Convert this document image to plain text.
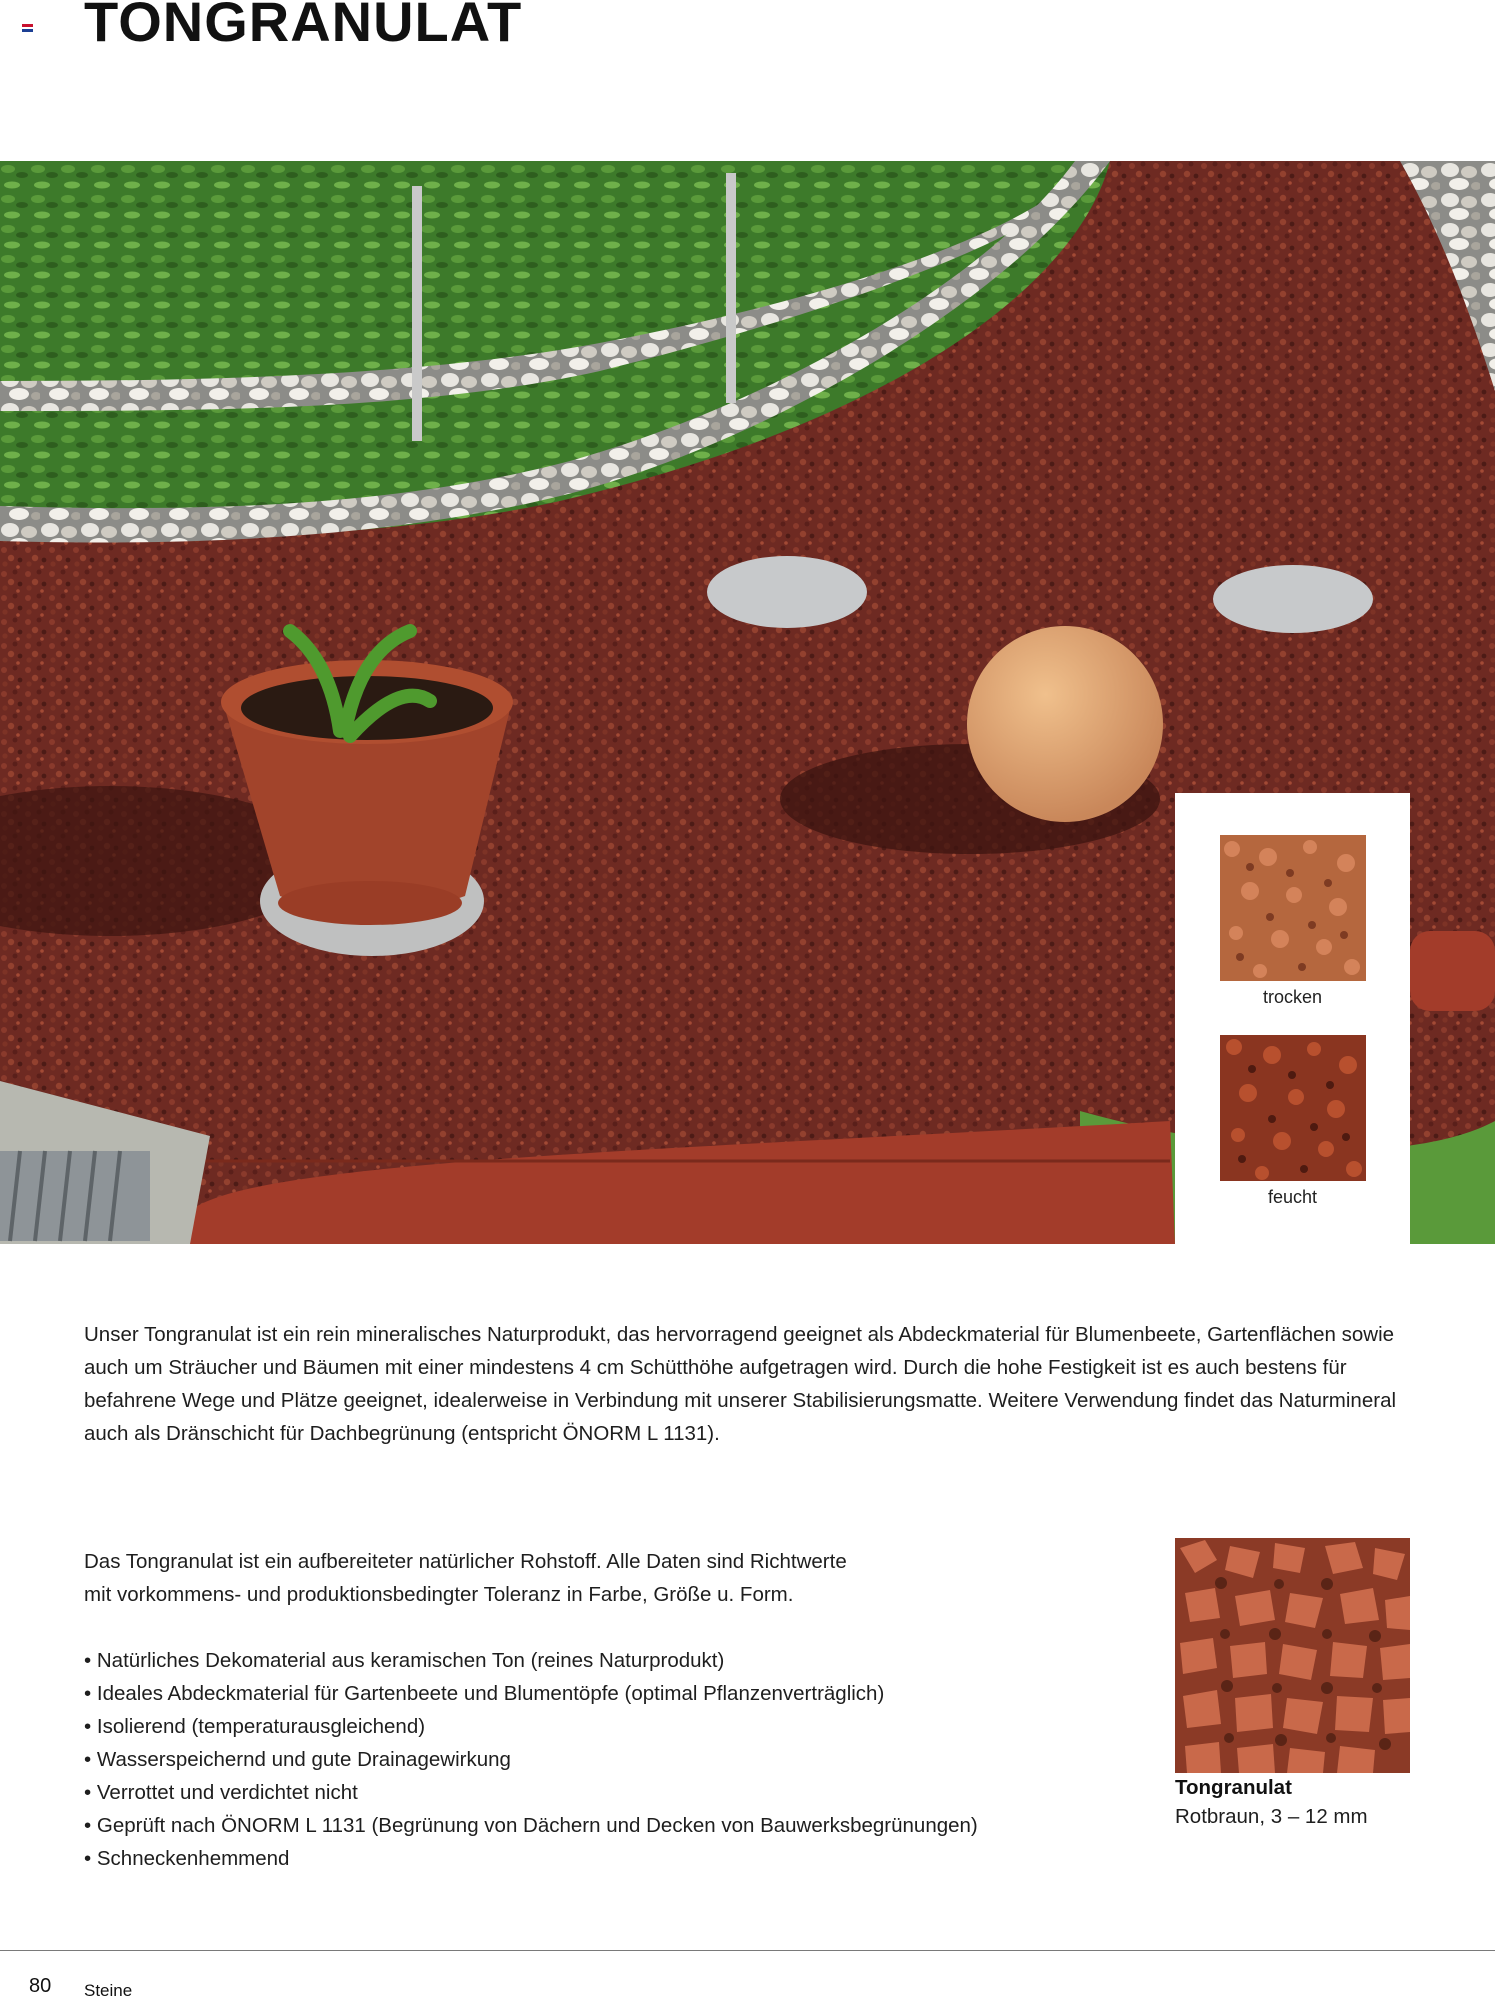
TONGRANULAT
trocken
feucht

Unser Tongranulat ist ein rein mineralisches Naturprodukt, das hervorragend geeignet als Abdeckmaterial für Blumenbeete, Gartenflächen sowie auch um Sträucher und Bäumen mit einer mindestens 4 cm Schütthöhe aufgetragen wird. Durch die hohe Festigkeit ist es auch bestens für befahrene Wege und Plätze geeignet, idealerweise in Verbindung mit unserer Stabilisierungsmatte. Weitere Verwendung findet das Naturmineral auch als Dränschicht für Dachbegrünung (entspricht ÖNORM L 1131).

Das Tongranulat ist ein aufbereiteter natürlicher Rohstoff. Alle Daten sind Richtwerte
mit vorkommens- und produktionsbedingter Toleranz in Farbe, Größe u. Form.

• Natürliches Dekomaterial aus keramischen Ton (reines Naturprodukt)
• Ideales Abdeckmaterial für Gartenbeete und Blumentöpfe (optimal Pflanzenverträglich)
• Isolierend (temperaturausgleichend)
• Wasserspeichernd und gute Drainagewirkung
• Verrottet und verdichtet nicht
• Geprüft nach ÖNORM L 1131 (Begrünung von Dächern und Decken von Bauwerksbegrünungen)
• Schneckenhemmend
Tongranulat
Rotbraun, 3 – 12 mm
80 Steine
